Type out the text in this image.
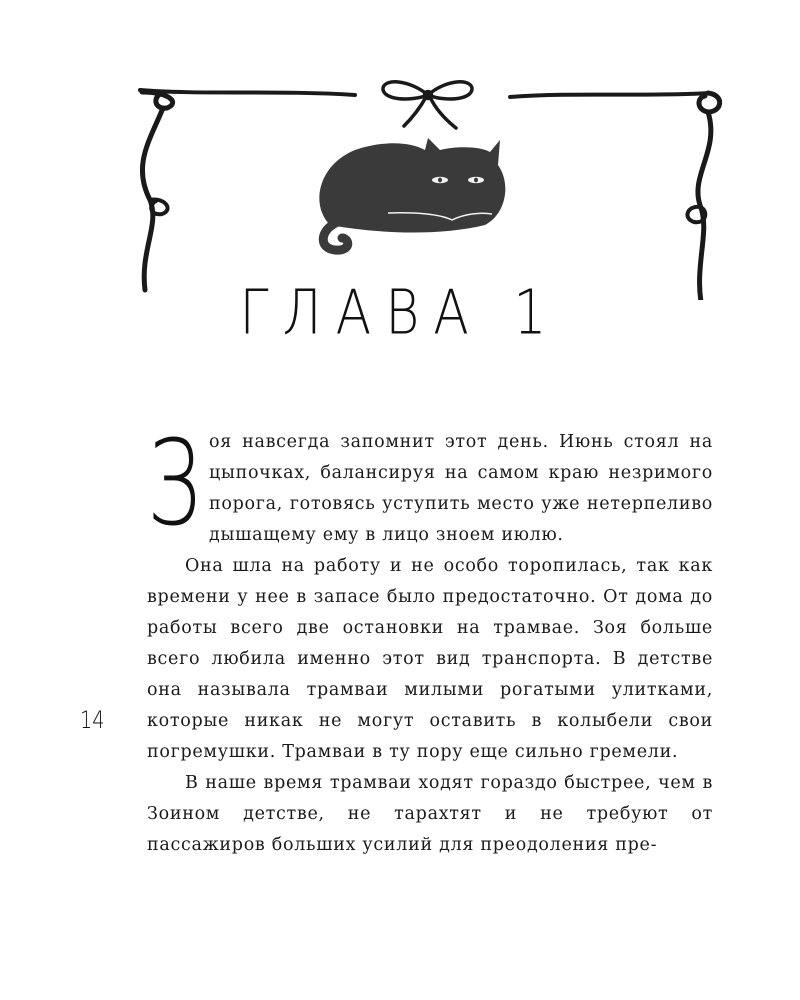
ГЛАВА 1

Зоя навсегда запомнит этот день. Июнь стоял на цыпочках, балансируя на самом краю незримого порога, готовясь уступить место уже нетерпеливо дышащему ему в лицо зноем июлю.

Она шла на работу и не особо торопилась, так как времени у нее в запасе было предостаточно. От дома до работы всего две остановки на трамвае. Зоя больше всего любила именно этот вид транспорта. В детстве она называла трамваи милыми рогатыми улитками, которые никак не могут оставить в колыбели свои погремушки. Трамваи в ту пору еще сильно гремели.

В наше время трамваи ходят гораздо быстрее, чем в Зоином детстве, не тарахтят и не требуют от пассажиров больших усилий для преодоления пре-

14
